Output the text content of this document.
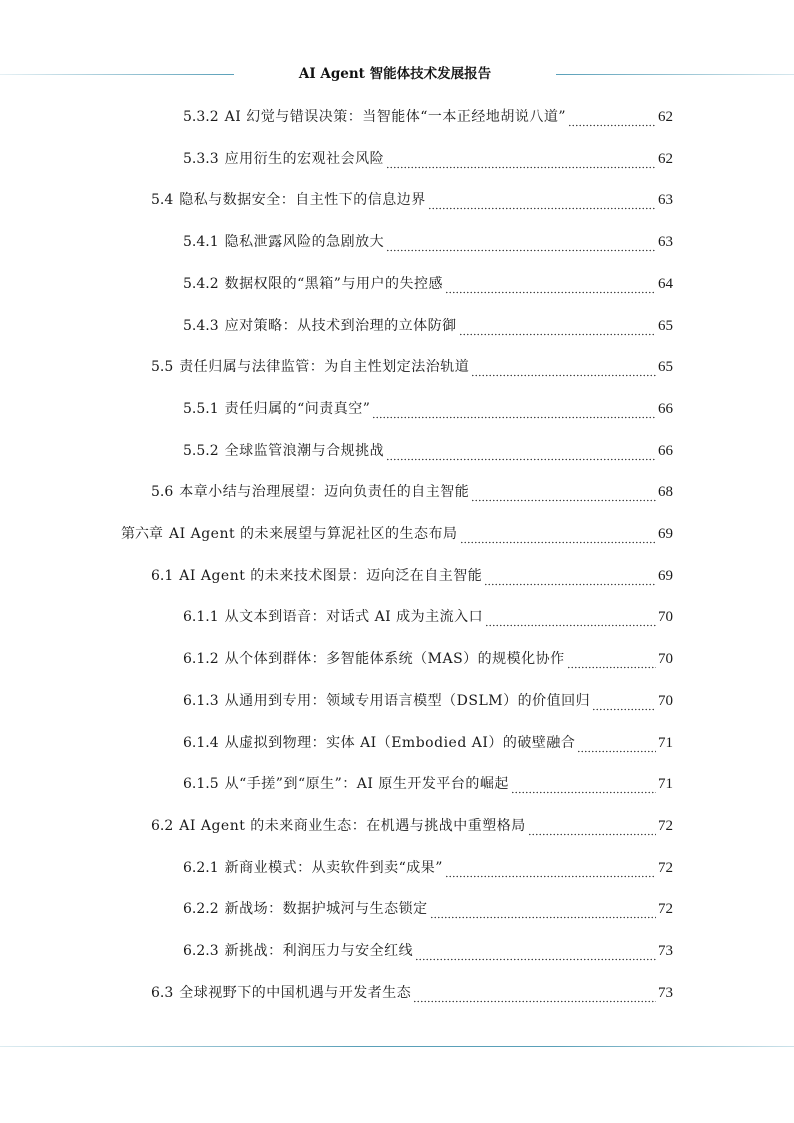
AI Agent 智能体技术发展报告
5.3.2 AI 幻觉与错误决策：当智能体“一本正经地胡说八道”	62
5.3.3 应用衍生的宏观社会风险	62
5.4 隐私与数据安全：自主性下的信息边界	63
5.4.1 隐私泄露风险的急剧放大	63
5.4.2 数据权限的“黑箱”与用户的失控感	64
5.4.3 应对策略：从技术到治理的立体防御	65
5.5 责任归属与法律监管：为自主性划定法治轨道	65
5.5.1 责任归属的“问责真空”	66
5.5.2 全球监管浪潮与合规挑战	66
5.6 本章小结与治理展望：迈向负责任的自主智能	68
第六章 AI Agent 的未来展望与算泥社区的生态布局	69
6.1 AI Agent 的未来技术图景：迈向泛在自主智能	69
6.1.1 从文本到语音：对话式 AI 成为主流入口	70
6.1.2 从个体到群体：多智能体系统（MAS）的规模化协作	70
6.1.3 从通用到专用：领域专用语言模型（DSLM）的价值回归	70
6.1.4 从虚拟到物理：实体 AI（Embodied AI）的破壁融合	71
6.1.5 从“手搓”到“原生”：AI 原生开发平台的崛起	71
6.2 AI Agent 的未来商业生态：在机遇与挑战中重塑格局	72
6.2.1 新商业模式：从卖软件到卖“成果”	72
6.2.2 新战场：数据护城河与生态锁定	72
6.2.3 新挑战：利润压力与安全红线	73
6.3 全球视野下的中国机遇与开发者生态	73
